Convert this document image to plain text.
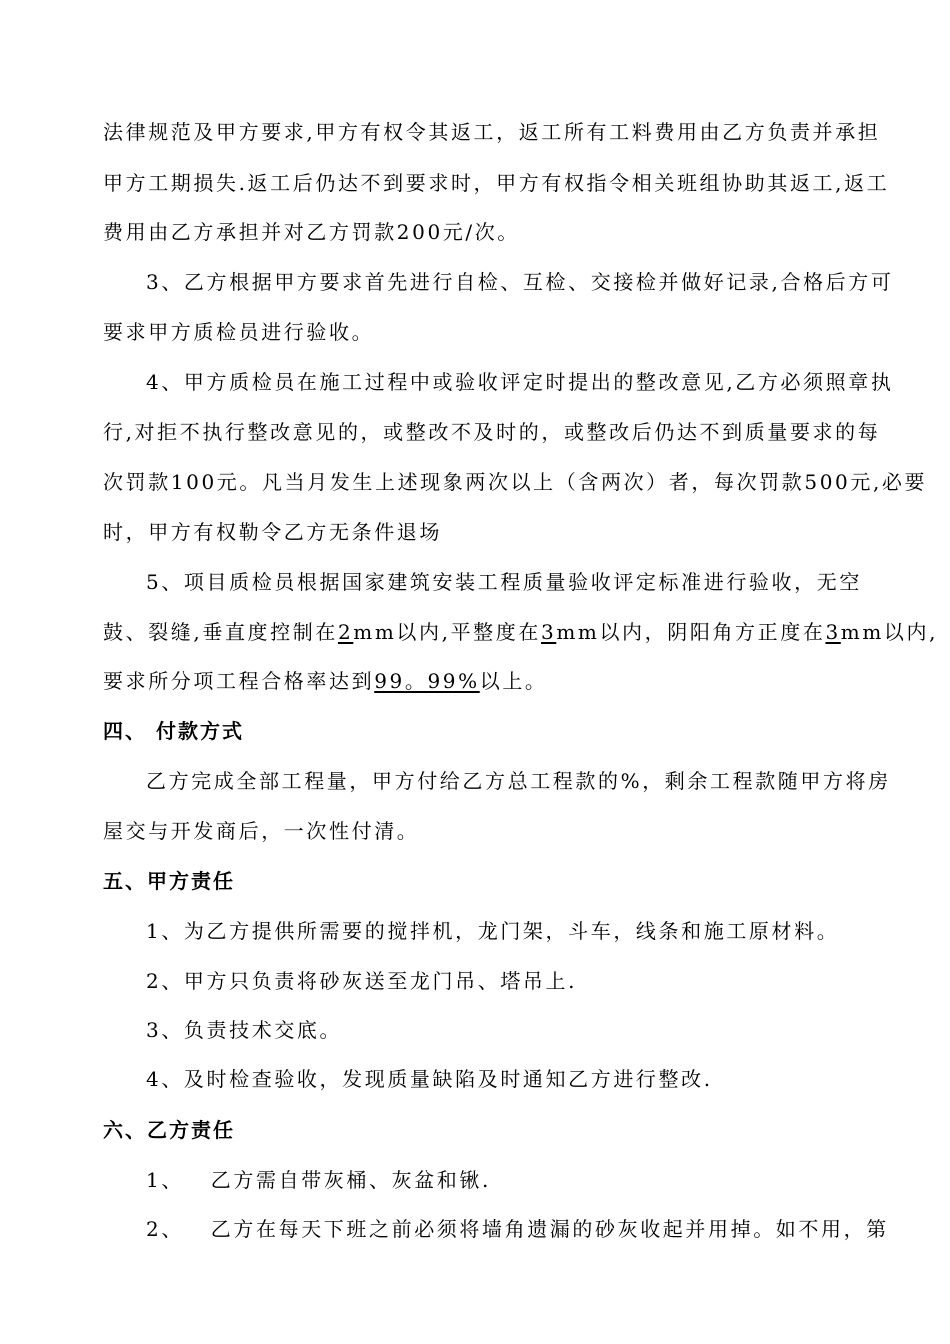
法律规范及甲方要求,甲方有权令其返工，返工所有工料费用由乙方负责并承担
甲方工期损失.返工后仍达不到要求时，甲方有权指令相关班组协助其返工,返工
费用由乙方承担并对乙方罚款200元/次。
3、乙方根据甲方要求首先进行自检、互检、交接检并做好记录,合格后方可
要求甲方质检员进行验收。
4、甲方质检员在施工过程中或验收评定时提出的整改意见,乙方必须照章执
行,对拒不执行整改意见的，或整改不及时的，或整改后仍达不到质量要求的每
次罚款100元。凡当月发生上述现象两次以上（含两次）者，每次罚款500元,必要
时，甲方有权勒令乙方无条件退场
5、项目质检员根据国家建筑安装工程质量验收评定标准进行验收，无空
鼓、裂缝,垂直度控制在2mm以内,平整度在3mm以内，阴阳角方正度在3mm以内,
要求所分项工程合格率达到99。99%以上。
四、 付款方式
乙方完成全部工程量，甲方付给乙方总工程款的%，剩余工程款随甲方将房
屋交与开发商后，一次性付清。
五、甲方责任
1、为乙方提供所需要的搅拌机，龙门架，斗车，线条和施工原材料。
2、甲方只负责将砂灰送至龙门吊、塔吊上.
3、负责技术交底。
4、及时检查验收，发现质量缺陷及时通知乙方进行整改.
六、乙方责任
1、   乙方需自带灰桶、灰盆和锹.
2、   乙方在每天下班之前必须将墙角遗漏的砂灰收起并用掉。如不用，第
